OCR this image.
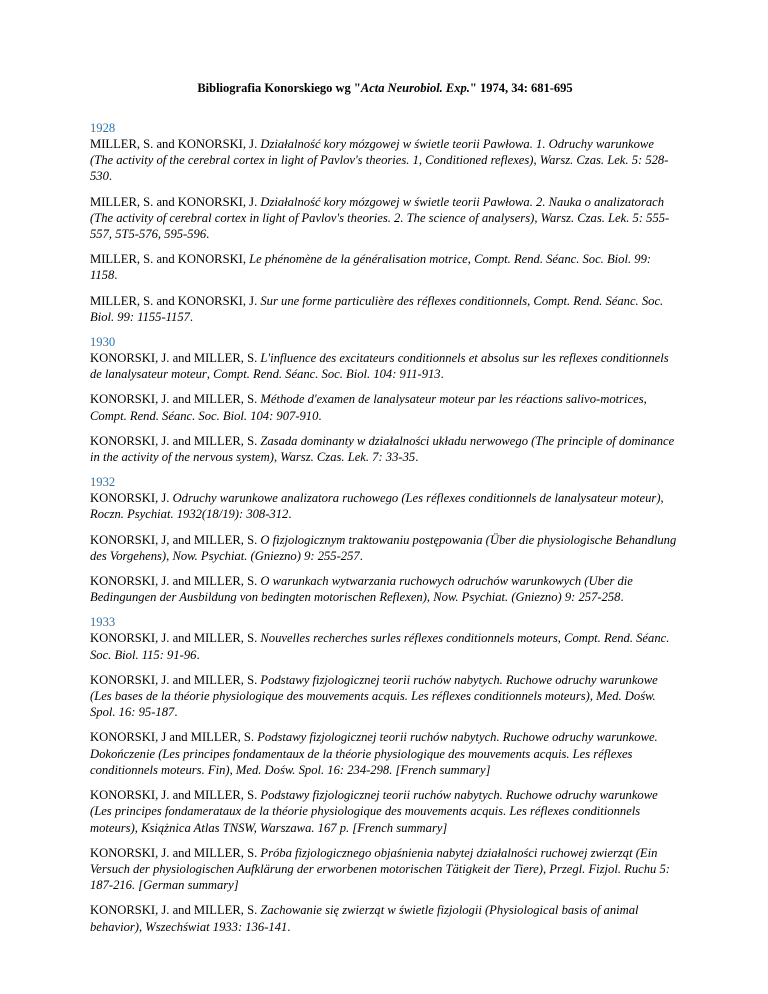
Bibliografia Konorskiego wg "Acta Neurobiol. Exp." 1974, 34: 681-695
1928
MILLER, S. and KONORSKI, J. Działalność kory mózgowej w świetle teorii Pawłowa. 1. Odruchy warunkowe (The activity of the cerebral cortex in light of Pavlov's theories. 1, Conditioned reflexes), Warsz. Czas. Lek. 5: 528-530.
MILLER, S. and KONORSKI, J. Działalność kory mózgowej w świetle teorii Pawłowa. 2. Nauka o analizatorach (The activity of cerebral cortex in light of Pavlov's theories. 2. The science of analysers), Warsz. Czas. Lek. 5: 555-557, 5T5-576, 595-596.
MILLER, S. and KONORSKI, Le phénomène de la généralisation motrice, Compt. Rend. Séanc. Soc. Biol. 99: 1158.
MILLER, S. and KONORSKI, J. Sur une forme particulière des réflexes conditionnels, Compt. Rend. Séanc. Soc. Biol. 99: 1155-1157.
1930
KONORSKI, J. and MILLER, S. L'influence des excitateurs conditionnels et absolus sur les reflexes conditionnels de lanalysateur moteur, Compt. Rend. Séanc. Soc. Biol. 104: 911-913.
KONORSKI, J. and MILLER, S. Méthode d'examen de lanalysateur moteur par les réactions salivo-motrices, Compt. Rend. Séanc. Soc. Biol. 104: 907-910.
KONORSKI, J. and MILLER, S. Zasada dominanty w działalności układu nerwowego (The principle of dominance in the activity of the nervous system), Warsz. Czas. Lek. 7: 33-35.
1932
KONORSKI, J. Odruchy warunkowe analizatora ruchowego (Les réflexes conditionnels de lanalysateur moteur), Roczn. Psychiat. 1932(18/19): 308-312.
KONORSKI, J, and MILLER, S. O fizjologicznym traktowaniu postępowania (Über die physiologische Behandlung des Vorgehens), Now. Psychiat. (Gniezno) 9: 255-257.
KONORSKI, J. and MILLER, S. O warunkach wytwarzania ruchowych odruchów warunkowych (Uber die Bedingungen der Ausbildung von bedingten motorischen Reflexen), Now. Psychiat. (Gniezno) 9: 257-258.
1933
KONORSKI, J. and MILLER, S. Nouvelles recherches surles réflexes conditionnels moteurs, Compt. Rend. Séanc. Soc. Biol. 115: 91-96.
KONORSKI, J. and MILLER, S. Podstawy fizjologicznej teorii ruchów nabytych. Ruchowe odruchy warunkowe (Les bases de la théorie physiologique des mouvements acquis. Les réflexes conditionnels moteurs), Med. Dośw. Spol. 16: 95-187.
KONORSKI, J and MILLER, S. Podstawy fizjologicznej teorii ruchów nabytych. Ruchowe odruchy warunkowe. Dokończenie (Les principes fondamentaux de la théorie physiologique des mouvements acquis. Les réflexes conditionnels moteurs. Fin), Med. Dośw. Spol. 16: 234-298. [French summary]
KONORSKI, J. and MILLER, S. Podstawy fizjologicznej teorii ruchów nabytych. Ruchowe odruchy warunkowe (Les principes fondamerataux de la théorie physiologique des mouvements acquis. Les réflexes conditionnels moteurs), Książnica Atlas TNSW, Warszawa. 167 p. [French summary]
KONORSKI, J. and MILLER, S. Próba fizjologicznego objaśnienia nabytej działalności ruchowej zwierząt (Ein Versuch der physiologischen Aufklärung der erworbenen motorischen Tätigkeit der Tiere), Przegl. Fizjol. Ruchu 5: 187-216. [German summary]
KONORSKI, J. and MILLER, S. Zachowanie się zwierząt w świetle fizjologii (Physiological basis of animal behavior), Wszechświat 1933: 136-141.
